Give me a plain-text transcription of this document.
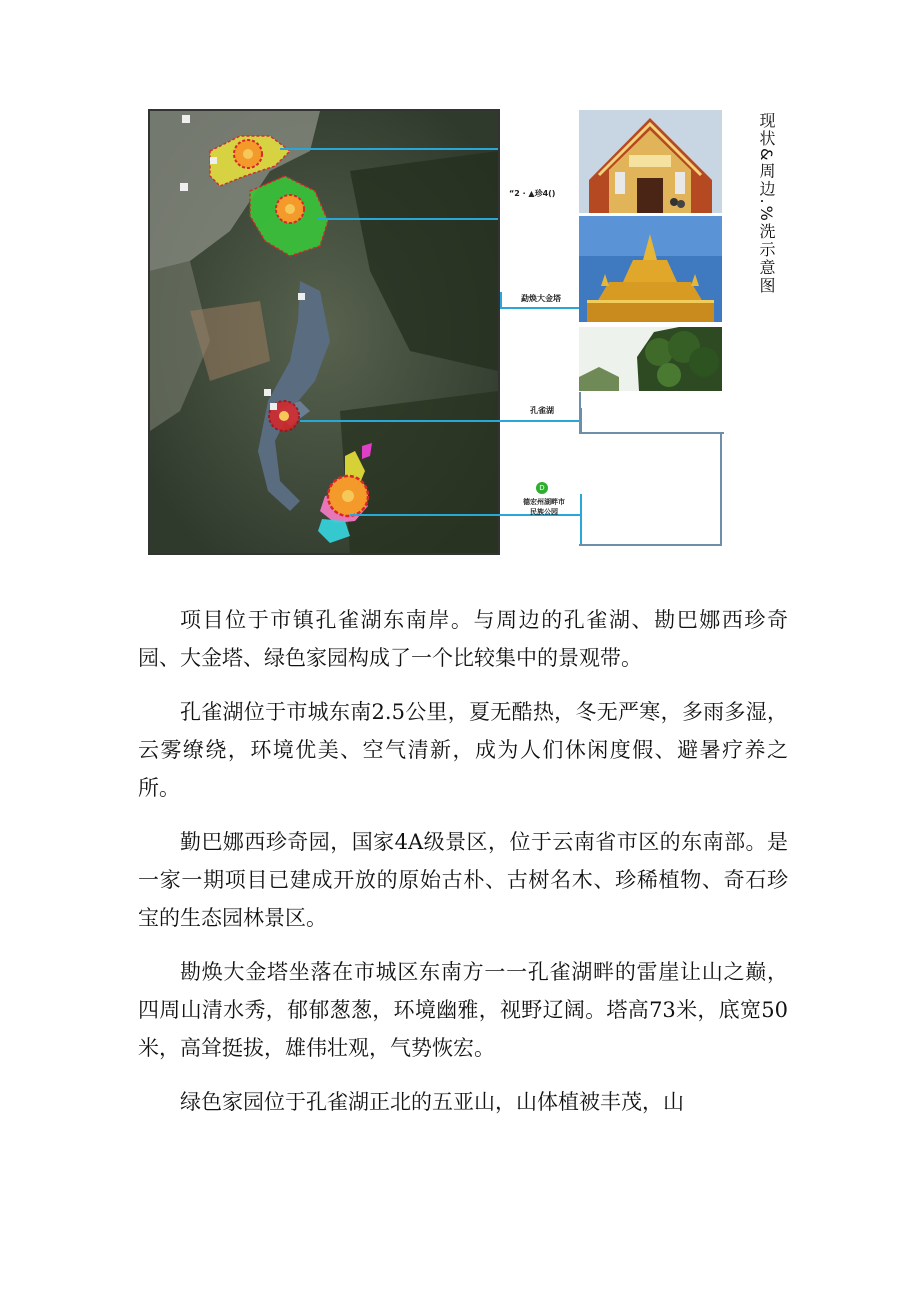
“2 · ▲珍4()
勐焕大金塔
孔雀湖
D
德宏州湖畔市
民族公园
现状&周边.%洗示意图

项目位于市镇孔雀湖东南岸。与周边的孔雀湖、勘巴娜西珍奇园、大金塔、绿色家园构成了一个比较集中的景观带。

孔雀湖位于市城东南2.5公里，夏无酷热，冬无严寒，多雨多湿，云雾缭绕，环境优美、空气清新，成为人们休闲度假、避暑疗养之所。

勤巴娜西珍奇园，国家4A级景区，位于云南省市区的东南部。是一家一期项目已建成开放的原始古朴、古树名木、珍稀植物、奇石珍宝的生态园林景区。

勘焕大金塔坐落在市城区东南方一一孔雀湖畔的雷崖让山之巅，四周山清水秀，郁郁葱葱，环境幽雅，视野辽阔。塔高73米，底宽50米，高耸挺拔，雄伟壮观，气势恢宏。

绿色家园位于孔雀湖正北的五亚山，山体植被丰茂，山
